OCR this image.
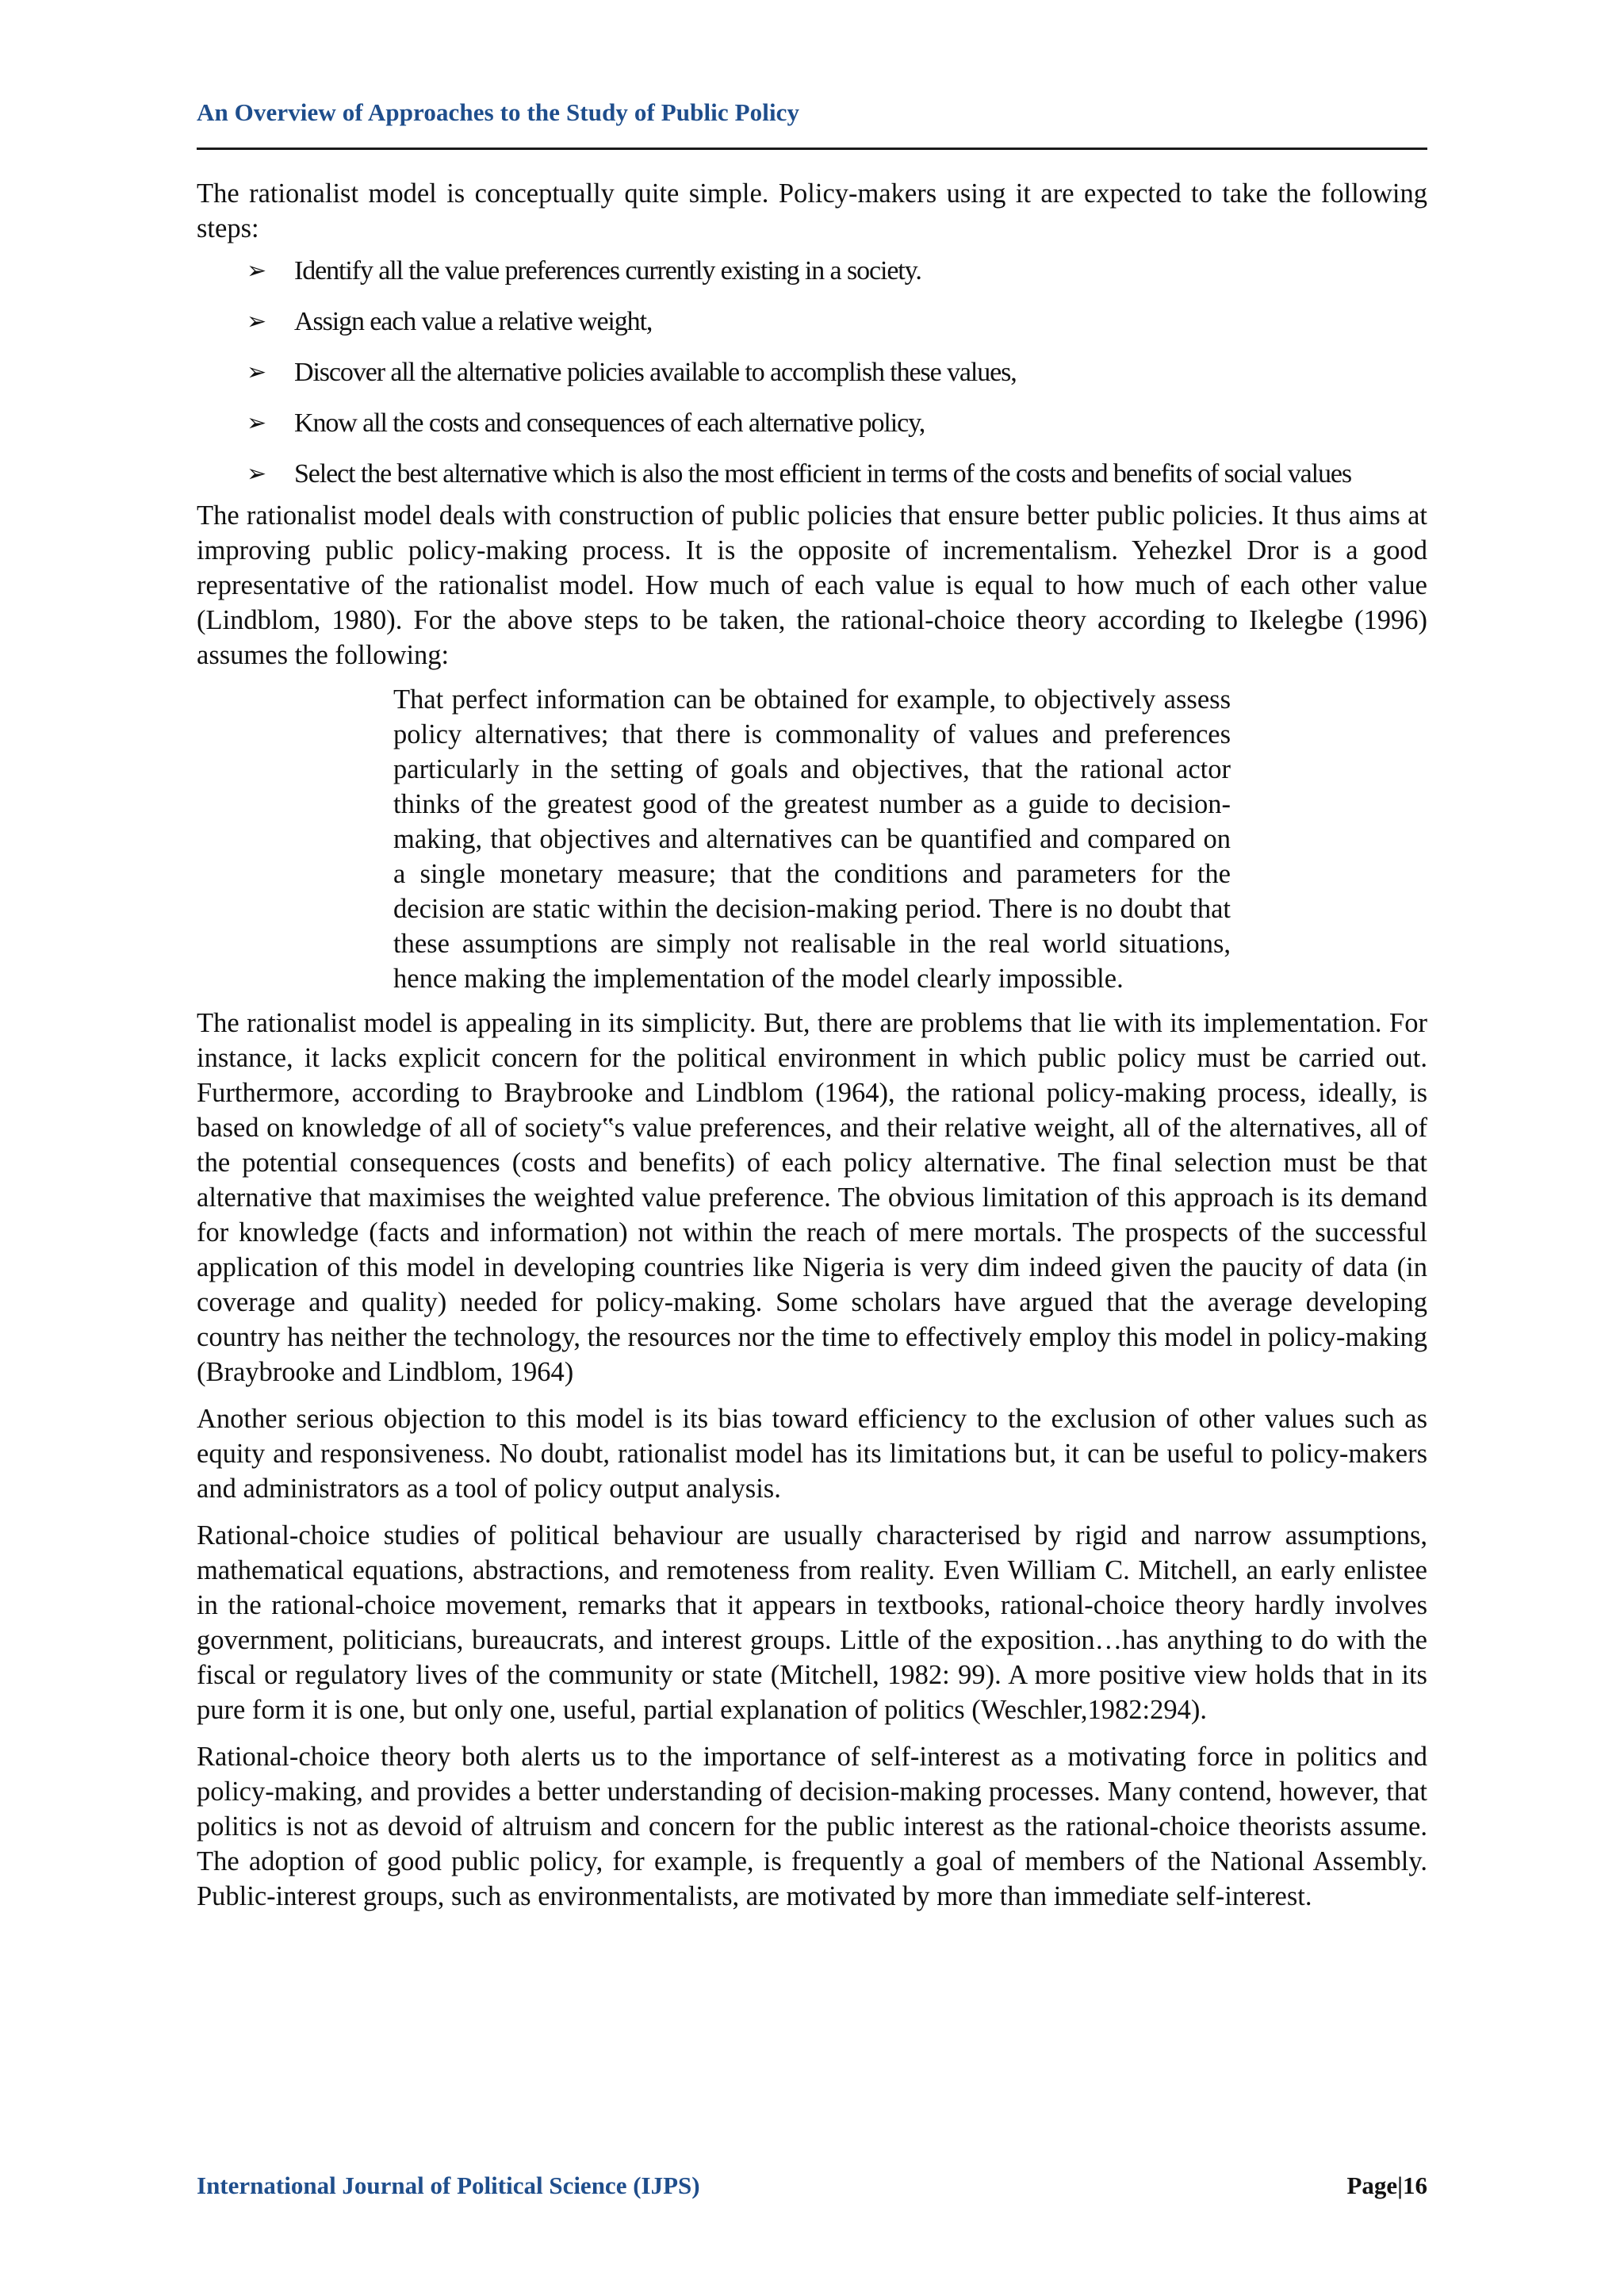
An Overview of Approaches to the Study of Public Policy

The rationalist model is conceptually quite simple. Policy-makers using it are expected to take the following steps:

➢ Identify all the value preferences currently existing in a society.
➢ Assign each value a relative weight,
➢ Discover all the alternative policies available to accomplish these values,
➢ Know all the costs and consequences of each alternative policy,
➢ Select the best alternative which is also the most efficient in terms of the costs and benefits of social values

The rationalist model deals with construction of public policies that ensure better public policies. It thus aims at improving public policy-making process. It is the opposite of incrementalism. Yehezkel Dror is a good representative of the rationalist model. How much of each value is equal to how much of each other value (Lindblom, 1980). For the above steps to be taken, the rational-choice theory according to Ikelegbe (1996) assumes the following:

That perfect information can be obtained for example, to objectively assess policy alternatives; that there is commonality of values and preferences particularly in the setting of goals and objectives, that the rational actor thinks of the greatest good of the greatest number as a guide to decision-making, that objectives and alternatives can be quantified and compared on a single monetary measure; that the conditions and parameters for the decision are static within the decision-making period. There is no doubt that these assumptions are simply not realisable in the real world situations, hence making the implementation of the model clearly impossible.

The rationalist model is appealing in its simplicity. But, there are problems that lie with its implementation. For instance, it lacks explicit concern for the political environment in which public policy must be carried out. Furthermore, according to Braybrooke and Lindblom (1964), the rational policy-making process, ideally, is based on knowledge of all of society‟s value preferences, and their relative weight, all of the alternatives, all of the potential consequences (costs and benefits) of each policy alternative. The final selection must be that alternative that maximises the weighted value preference. The obvious limitation of this approach is its demand for knowledge (facts and information) not within the reach of mere mortals. The prospects of the successful application of this model in developing countries like Nigeria is very dim indeed given the paucity of data (in coverage and quality) needed for policy-making. Some scholars have argued that the average developing country has neither the technology, the resources nor the time to effectively employ this model in policy-making (Braybrooke and Lindblom, 1964)

Another serious objection to this model is its bias toward efficiency to the exclusion of other values such as equity and responsiveness. No doubt, rationalist model has its limitations but, it can be useful to policy-makers and administrators as a tool of policy output analysis.

Rational-choice studies of political behaviour are usually characterised by rigid and narrow assumptions, mathematical equations, abstractions, and remoteness from reality. Even William C. Mitchell, an early enlistee in the rational-choice movement, remarks that it appears in textbooks, rational-choice theory hardly involves government, politicians, bureaucrats, and interest groups. Little of the exposition…has anything to do with the fiscal or regulatory lives of the community or state (Mitchell, 1982: 99). A more positive view holds that in its pure form it is one, but only one, useful, partial explanation of politics (Weschler,1982:294).

Rational-choice theory both alerts us to the importance of self-interest as a motivating force in politics and policy-making, and provides a better understanding of decision-making processes. Many contend, however, that politics is not as devoid of altruism and concern for the public interest as the rational-choice theorists assume. The adoption of good public policy, for example, is frequently a goal of members of the National Assembly. Public-interest groups, such as environmentalists, are motivated by more than immediate self-interest.

International Journal of Political Science (IJPS)	Page|16
